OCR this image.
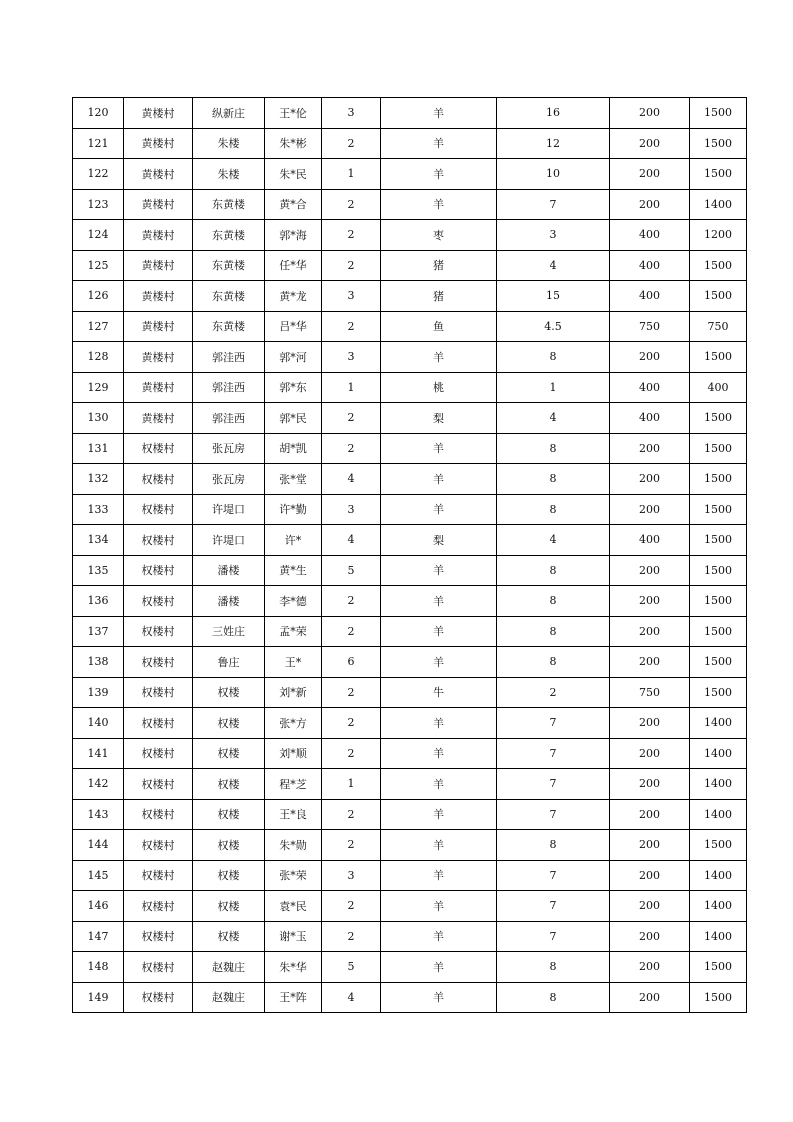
120	黄楼村	纵新庄	王*伦	3	羊	16	200	1500
121	黄楼村	朱楼	朱*彬	2	羊	12	200	1500
122	黄楼村	朱楼	朱*民	1	羊	10	200	1500
123	黄楼村	东黄楼	黄*合	2	羊	7	200	1400
124	黄楼村	东黄楼	郭*海	2	枣	3	400	1200
125	黄楼村	东黄楼	任*华	2	猪	4	400	1500
126	黄楼村	东黄楼	黄*龙	3	猪	15	400	1500
127	黄楼村	东黄楼	吕*华	2	鱼	4.5	750	750
128	黄楼村	郭洼西	郭*河	3	羊	8	200	1500
129	黄楼村	郭洼西	郭*东	1	桃	1	400	400
130	黄楼村	郭洼西	郭*民	2	梨	4	400	1500
131	权楼村	张瓦房	胡*凯	2	羊	8	200	1500
132	权楼村	张瓦房	张*堂	4	羊	8	200	1500
133	权楼村	许堤口	许*勤	3	羊	8	200	1500
134	权楼村	许堤口	许*	4	梨	4	400	1500
135	权楼村	潘楼	黄*生	5	羊	8	200	1500
136	权楼村	潘楼	李*德	2	羊	8	200	1500
137	权楼村	三姓庄	孟*荣	2	羊	8	200	1500
138	权楼村	鲁庄	王*	6	羊	8	200	1500
139	权楼村	权楼	刘*新	2	牛	2	750	1500
140	权楼村	权楼	张*方	2	羊	7	200	1400
141	权楼村	权楼	刘*顺	2	羊	7	200	1400
142	权楼村	权楼	程*芝	1	羊	7	200	1400
143	权楼村	权楼	王*良	2	羊	7	200	1400
144	权楼村	权楼	朱*勋	2	羊	8	200	1500
145	权楼村	权楼	张*荣	3	羊	7	200	1400
146	权楼村	权楼	袁*民	2	羊	7	200	1400
147	权楼村	权楼	谢*玉	2	羊	7	200	1400
148	权楼村	赵魏庄	朱*华	5	羊	8	200	1500
149	权楼村	赵魏庄	王*阵	4	羊	8	200	1500
